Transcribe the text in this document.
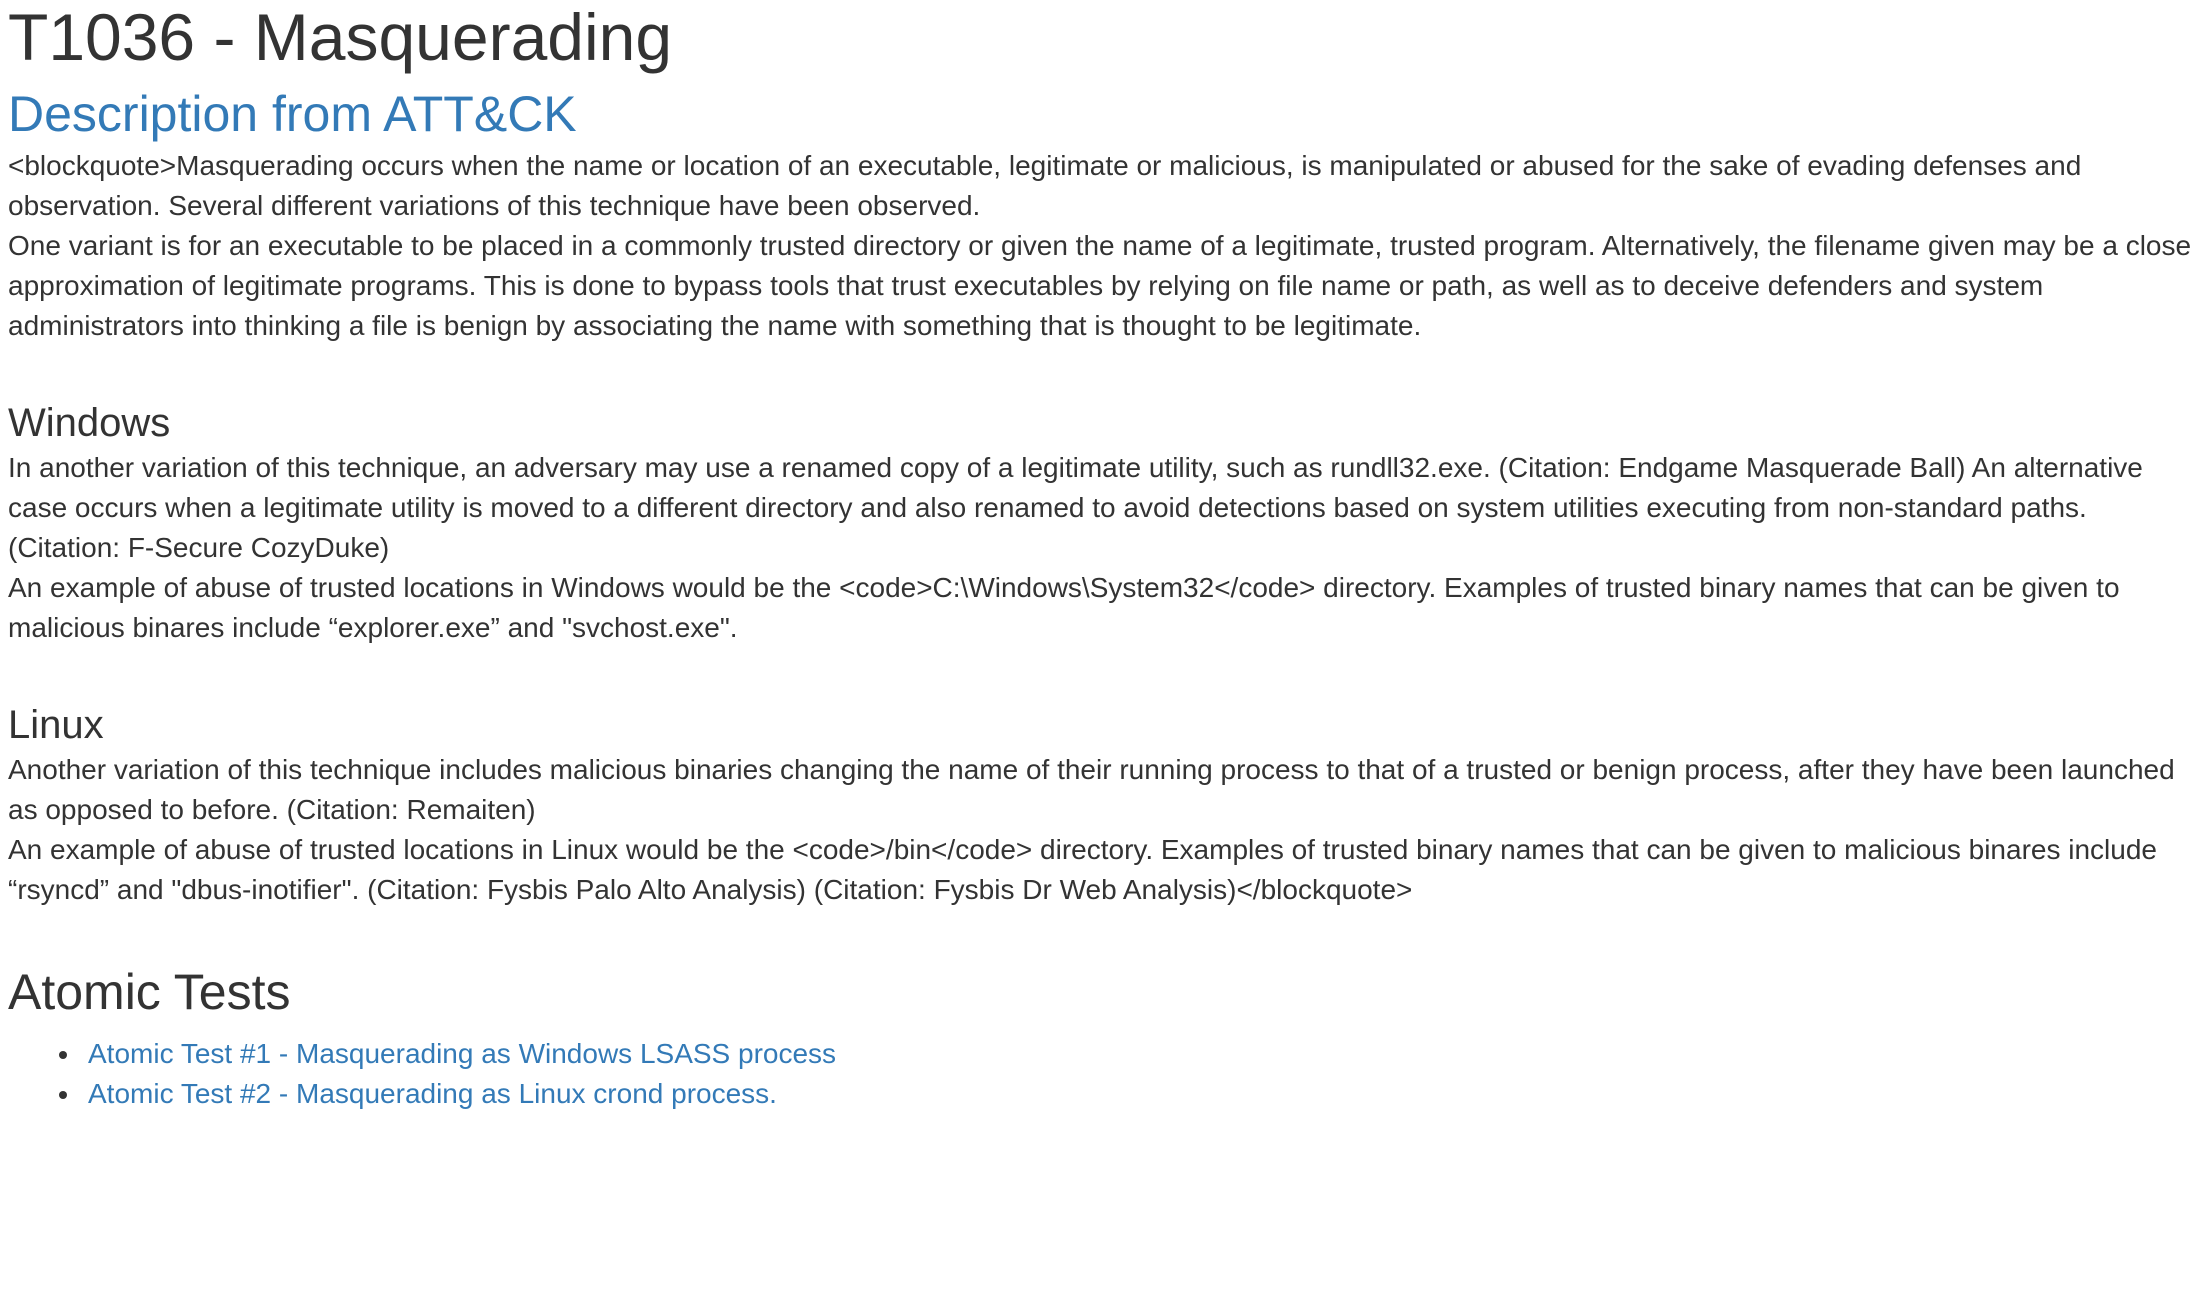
T1036 - Masquerading
Description from ATT&CK

<blockquote>Masquerading occurs when the name or location of an executable, legitimate or malicious, is manipulated or abused for the sake of evading defenses and observation. Several different variations of this technique have been observed.

One variant is for an executable to be placed in a commonly trusted directory or given the name of a legitimate, trusted program. Alternatively, the filename given may be a close approximation of legitimate programs. This is done to bypass tools that trust executables by relying on file name or path, as well as to deceive defenders and system administrators into thinking a file is benign by associating the name with something that is thought to be legitimate.

Windows

In another variation of this technique, an adversary may use a renamed copy of a legitimate utility, such as rundll32.exe. (Citation: Endgame Masquerade Ball) An alternative case occurs when a legitimate utility is moved to a different directory and also renamed to avoid detections based on system utilities executing from non-standard paths. (Citation: F-Secure CozyDuke)

An example of abuse of trusted locations in Windows would be the <code>C:\Windows\System32</code> directory. Examples of trusted binary names that can be given to malicious binares include “explorer.exe” and "svchost.exe".

Linux

Another variation of this technique includes malicious binaries changing the name of their running process to that of a trusted or benign process, after they have been launched as opposed to before. (Citation: Remaiten)

An example of abuse of trusted locations in Linux would be the <code>/bin</code> directory. Examples of trusted binary names that can be given to malicious binares include “rsyncd” and "dbus-inotifier". (Citation: Fysbis Palo Alto Analysis) (Citation: Fysbis Dr Web Analysis)</blockquote>

Atomic Tests
Atomic Test #1 - Masquerading as Windows LSASS process
Atomic Test #2 - Masquerading as Linux crond process.
